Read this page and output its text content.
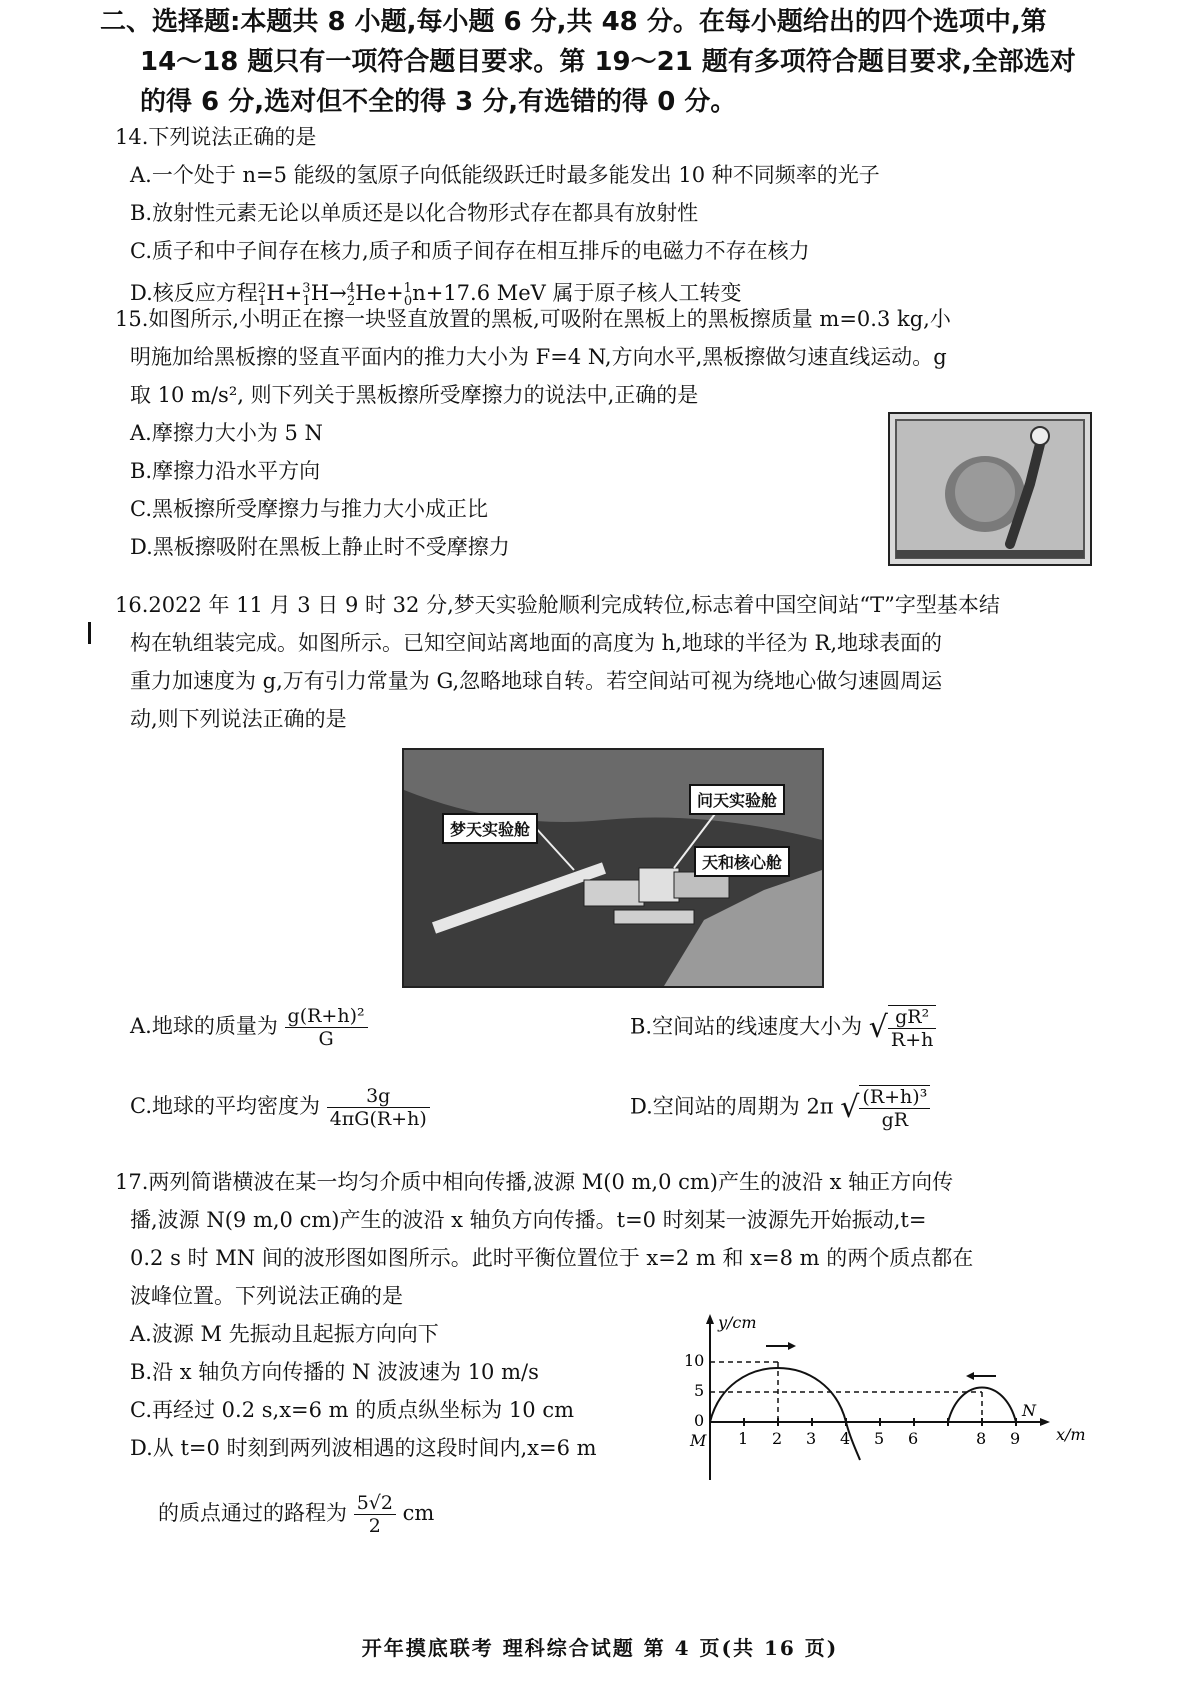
二、选择题:本题共 8 小题,每小题 6 分,共 48 分。在每小题给出的四个选项中,第
14～18 题只有一项符合题目要求。第 19～21 题有多项符合题目要求,全部选对
的得 6 分,选对但不全的得 3 分,有选错的得 0 分。
14.下列说法正确的是
A.一个处于 n=5 能级的氢原子向低能级跃迁时最多能发出 10 种不同频率的光子
B.放射性元素无论以单质还是以化合物形式存在都具有放射性
C.质子和中子间存在核力,质子和质子间存在相互排斥的电磁力不存在核力
D.核反应方程$^2_1$H+$^3_1$H→$^4_2$He+$^1_0$n+17.6 MeV 属于原子核人工转变
15.如图所示,小明正在擦一块竖直放置的黑板,可吸附在黑板上的黑板擦质量 m=0.3 kg,小
明施加给黑板擦的竖直平面内的推力大小为 F=4 N,方向水平,黑板擦做匀速直线运动。g
取 10 m/s², 则下列关于黑板擦所受摩擦力的说法中,正确的是
A.摩擦力大小为 5 N
B.摩擦力沿水平方向
C.黑板擦所受摩擦力与推力大小成正比
D.黑板擦吸附在黑板上静止时不受摩擦力
16.2022 年 11 月 3 日 9 时 32 分,梦天实验舱顺利完成转位,标志着中国空间站“T”字型基本结
构在轨组装完成。如图所示。已知空间站离地面的高度为 h,地球的半径为 R,地球表面的
重力加速度为 g,万有引力常量为 G,忽略地球自转。若空间站可视为绕地心做匀速圆周运
动,则下列说法正确的是
梦天实验舱
问天实验舱
天和核心舱
A.地球的质量为 $\frac{\text{g(R+h)²}}{G}$	B.空间站的线速度大小为 √ $\frac{\text{gR²}}{R+h}$
C.地球的平均密度为 $\frac{3g}{4\pi G(R+h)}$	D.空间站的周期为 2π √ $\frac{\text{(R+h)³}}{gR}$
17.两列简谐横波在某一均匀介质中相向传播,波源 M(0 m,0 cm)产生的波沿 x 轴正方向传
播,波源 N(9 m,0 cm)产生的波沿 x 轴负方向传播。t=0 时刻某一波源先开始振动,t=
0.2 s 时 MN 间的波形图如图所示。此时平衡位置位于 x=2 m 和 x=8 m 的两个质点都在
波峰位置。下列说法正确的是
A.波源 M 先振动且起振方向向下
B.沿 x 轴负方向传播的 N 波波速为 10 m/s
C.再经过 0.2 s,x=6 m 的质点纵坐标为 10 cm
D.从 t=0 时刻到两列波相遇的这段时间内,x=6 m
的质点通过的路程为 $\frac{5√2}{2}$ cm
y/cm
x/m
10
5
0
M
N
1 2 3 4 5 6	8 9
开年摸底联考 理科综合试题 第 4 页(共 16 页)
